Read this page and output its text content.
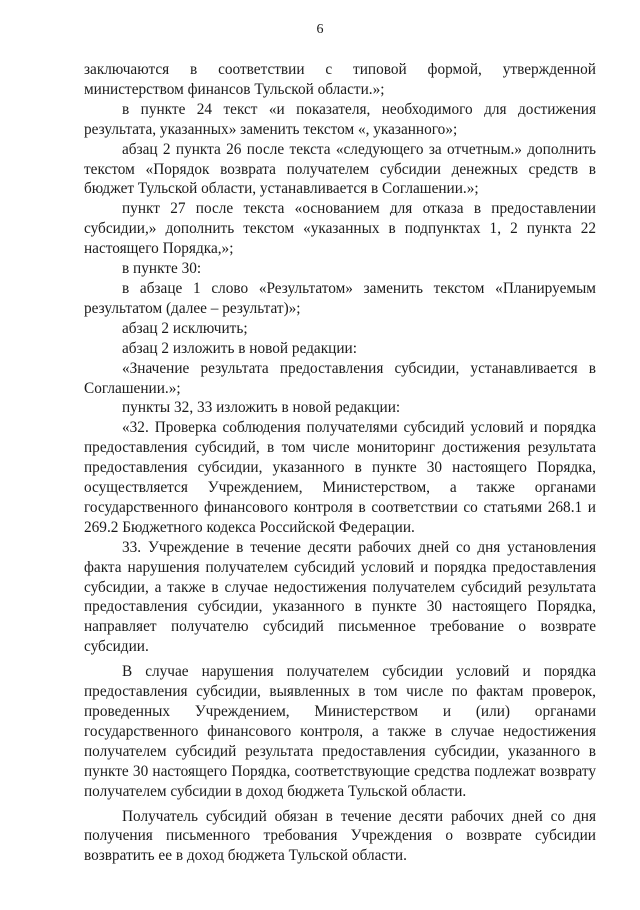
6

заключаются в соответствии с типовой формой, утвержденной министерством финансов Тульской области.»;

в пункте 24 текст «и показателя, необходимого для достижения результата, указанных» заменить текстом «, указанного»;

абзац 2 пункта 26 после текста «следующего за отчетным.» дополнить текстом «Порядок возврата получателем субсидии денежных средств в бюджет Тульской области, устанавливается в Соглашении.»;

пункт 27 после текста «основанием для отказа в предоставлении субсидии,» дополнить текстом «указанных в подпунктах 1, 2 пункта 22 настоящего Порядка,»;

в пункте 30:

в абзаце 1 слово «Результатом» заменить текстом «Планируемым результатом (далее – результат)»;

абзац 2 исключить;

абзац 2 изложить в новой редакции:

«Значение результата предоставления субсидии, устанавливается в Соглашении.»;

пункты 32, 33 изложить в новой редакции:

«32. Проверка соблюдения получателями субсидий условий и порядка предоставления субсидий, в том числе мониторинг достижения результата предоставления субсидии, указанного в пункте 30 настоящего Порядка, осуществляется Учреждением, Министерством, а также органами государственного финансового контроля в соответствии со статьями 268.1 и 269.2 Бюджетного кодекса Российской Федерации.

33. Учреждение в течение десяти рабочих дней со дня установления факта нарушения получателем субсидий условий и порядка предоставления субсидии, а также в случае недостижения получателем субсидий результата предоставления субсидии, указанного в пункте 30 настоящего Порядка, направляет получателю субсидий письменное требование о возврате субсидии.

В случае нарушения получателем субсидии условий и порядка предоставления субсидии, выявленных в том числе по фактам проверок, проведенных Учреждением, Министерством и (или) органами государственного финансового контроля, а также в случае недостижения получателем субсидий результата предоставления субсидии, указанного в пункте 30 настоящего Порядка, соответствующие средства подлежат возврату получателем субсидии в доход бюджета Тульской области.

Получатель субсидий обязан в течение десяти рабочих дней со дня получения письменного требования Учреждения о возврате субсидии возвратить ее в доход бюджета Тульской области.
